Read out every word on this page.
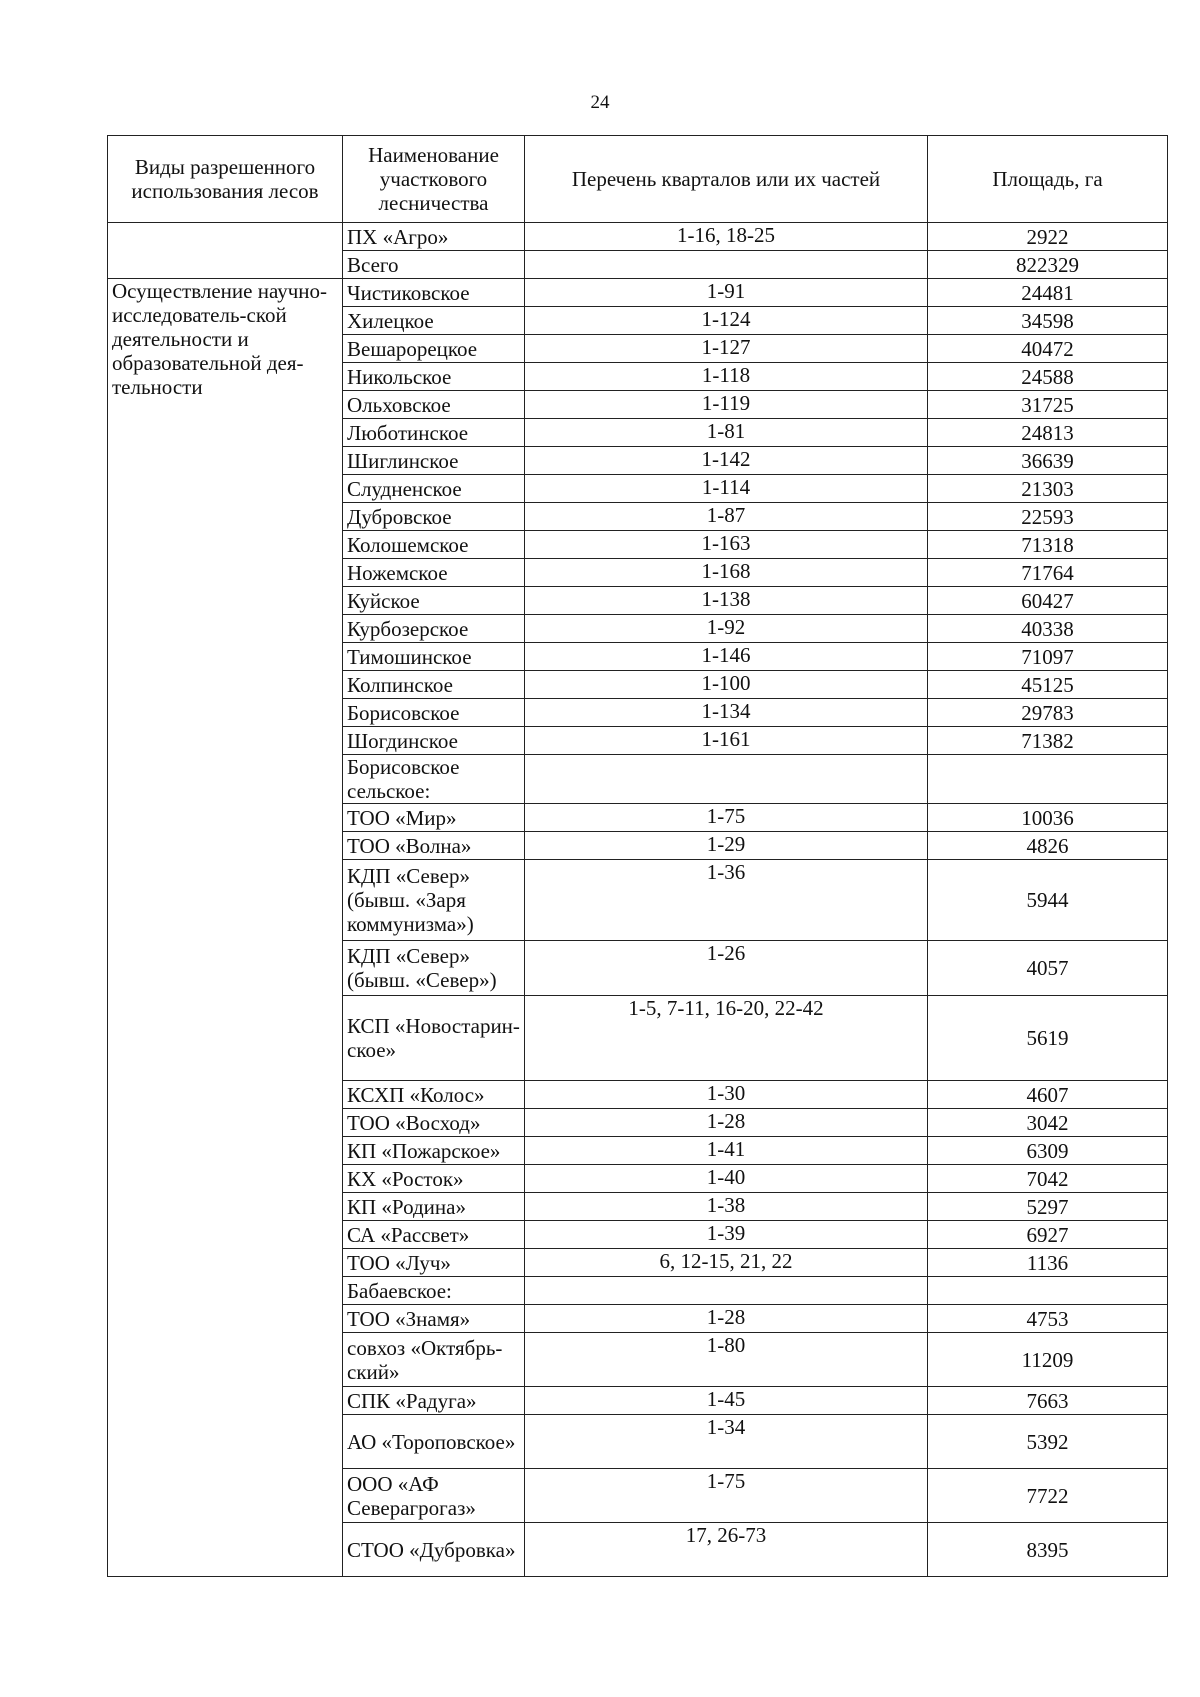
24
Виды разрешенного использования лесов	Наименование участкового лесничества	Перечень кварталов или их частей	Площадь, га
	ПХ «Агро»	1-16, 18-25	2922
	Всего		822329
Осуществление научно-исследователь-ской деятельности и образовательной дея-тельности	Чистиковское	1-91	24481
	Хилецкое	1-124	34598
	Вешарорецкое	1-127	40472
	Никольское	1-118	24588
	Ольховское	1-119	31725
	Люботинское	1-81	24813
	Шиглинское	1-142	36639
	Слудненское	1-114	21303
	Дубровское	1-87	22593
	Колошемское	1-163	71318
	Ножемское	1-168	71764
	Куйское	1-138	60427
	Курбозерское	1-92	40338
	Тимошинское	1-146	71097
	Колпинское	1-100	45125
	Борисовское	1-134	29783
	Шогдинское	1-161	71382
	Борисовское сельское:		
	ТОО «Мир»	1-75	10036
	ТОО «Волна»	1-29	4826
	КДП «Север» (бывш. «Заря коммунизма»)	1-36	5944
	КДП «Север» (бывш. «Север»)	1-26	4057
	КСП «Новостарин-ское»	1-5, 7-11, 16-20, 22-42	5619
	КСХП «Колос»	1-30	4607
	ТОО «Восход»	1-28	3042
	КП «Пожарское»	1-41	6309
	КХ «Росток»	1-40	7042
	КП «Родина»	1-38	5297
	СА «Рассвет»	1-39	6927
	ТОО «Луч»	6, 12-15, 21, 22	1136
	Бабаевское:		
	ТОО «Знамя»	1-28	4753
	совхоз «Октябрь-ский»	1-80	11209
	СПК «Радуга»	1-45	7663
	АО «Тороповское»	1-34	5392
	ООО «АФ Северагрогаз»	1-75	7722
	СТОО «Дубровка»	17, 26-73	8395
